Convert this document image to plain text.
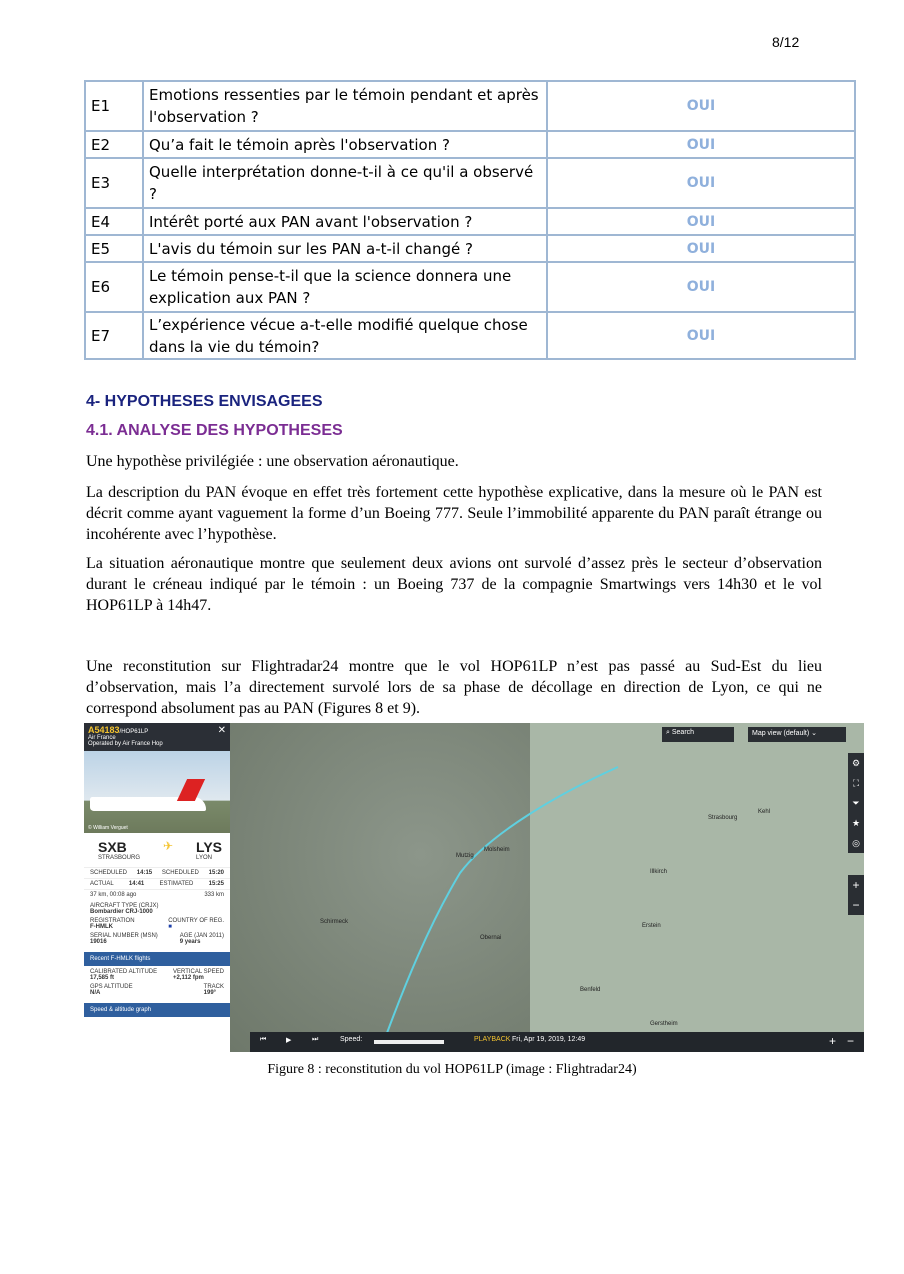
8/12
E1	Emotions ressenties par le témoin pendant et après l'observation ?	OUI
E2	Qu’a fait le témoin après l'observation ?	OUI
E3	Quelle interprétation donne-t-il à ce qu'il a observé ?	OUI
E4	Intérêt porté aux PAN avant l'observation ?	OUI
E5	L'avis du témoin sur les PAN a-t-il changé ?	OUI
E6	Le témoin pense-t-il que la science donnera une explication aux PAN ?	OUI
E7	L’expérience vécue a-t-elle modifié quelque chose dans la vie du témoin?	OUI
4- HYPOTHESES ENVISAGEES
4.1. ANALYSE DES HYPOTHESES

Une hypothèse privilégiée : une observation aéronautique.

La description du PAN évoque en effet très fortement cette hypothèse explicative, dans la mesure où le PAN est décrit comme ayant vaguement la forme d’un Boeing 777. Seule l’immobilité apparente du PAN paraît étrange ou incohérente avec l’hypothèse.

La situation aéronautique montre que seulement deux avions ont survolé d’assez près le secteur d’observation durant le créneau indiqué par le témoin : un Boeing 737 de la compagnie Smartwings vers 14h30 et le vol HOP61LP à 14h47.

Une reconstitution sur Flightradar24 montre que le vol HOP61LP n’est pas passé au Sud-Est du lieu d’observation, mais l’a directement survolé lors de sa phase de décollage en direction de Lyon, ce qui ne correspond absolument pas au PAN (Figures 8 et 9).

A54183/HOP61LP
Air France
Operated by Air France Hop
✕
© William Verguet
SXB
STRASBOURG
✈ LYS
LYON
SCHEDULED 14:15 SCHEDULED 15:20
ACTUAL	14:41	ESTIMATED	15:25
37 km, 00:08 ago	333 km
AIRCRAFT TYPE (CRJX)
Bombardier CRJ-1000
REGISTRATION
F-HMLK
COUNTRY OF REG.
■
SERIAL NUMBER (MSN)
19016
AGE (JAN 2011)
9 years
Recent F-HMLK flights
CALIBRATED ALTITUDE
17,585 ft
VERTICAL SPEED
+2,112 fpm
GPS ALTITUDE
N/A
TRACK
199°
Speed & altitude graph
Strasbourg
Kehl
Illkirch
Erstein
Obernai
Molsheim
Mutzig
Schirmeck
Benfeld
Gerstheim
⌕ Search	Map view (default) ⌄
⚙
⛶
⏷
★
◎
+
−
⏮	▶	⏭	Speed:	PLAYBACK Fri, Apr 19, 2019, 12:49	+ −
Figure 8 : reconstitution du vol HOP61LP (image : Flightradar24)
